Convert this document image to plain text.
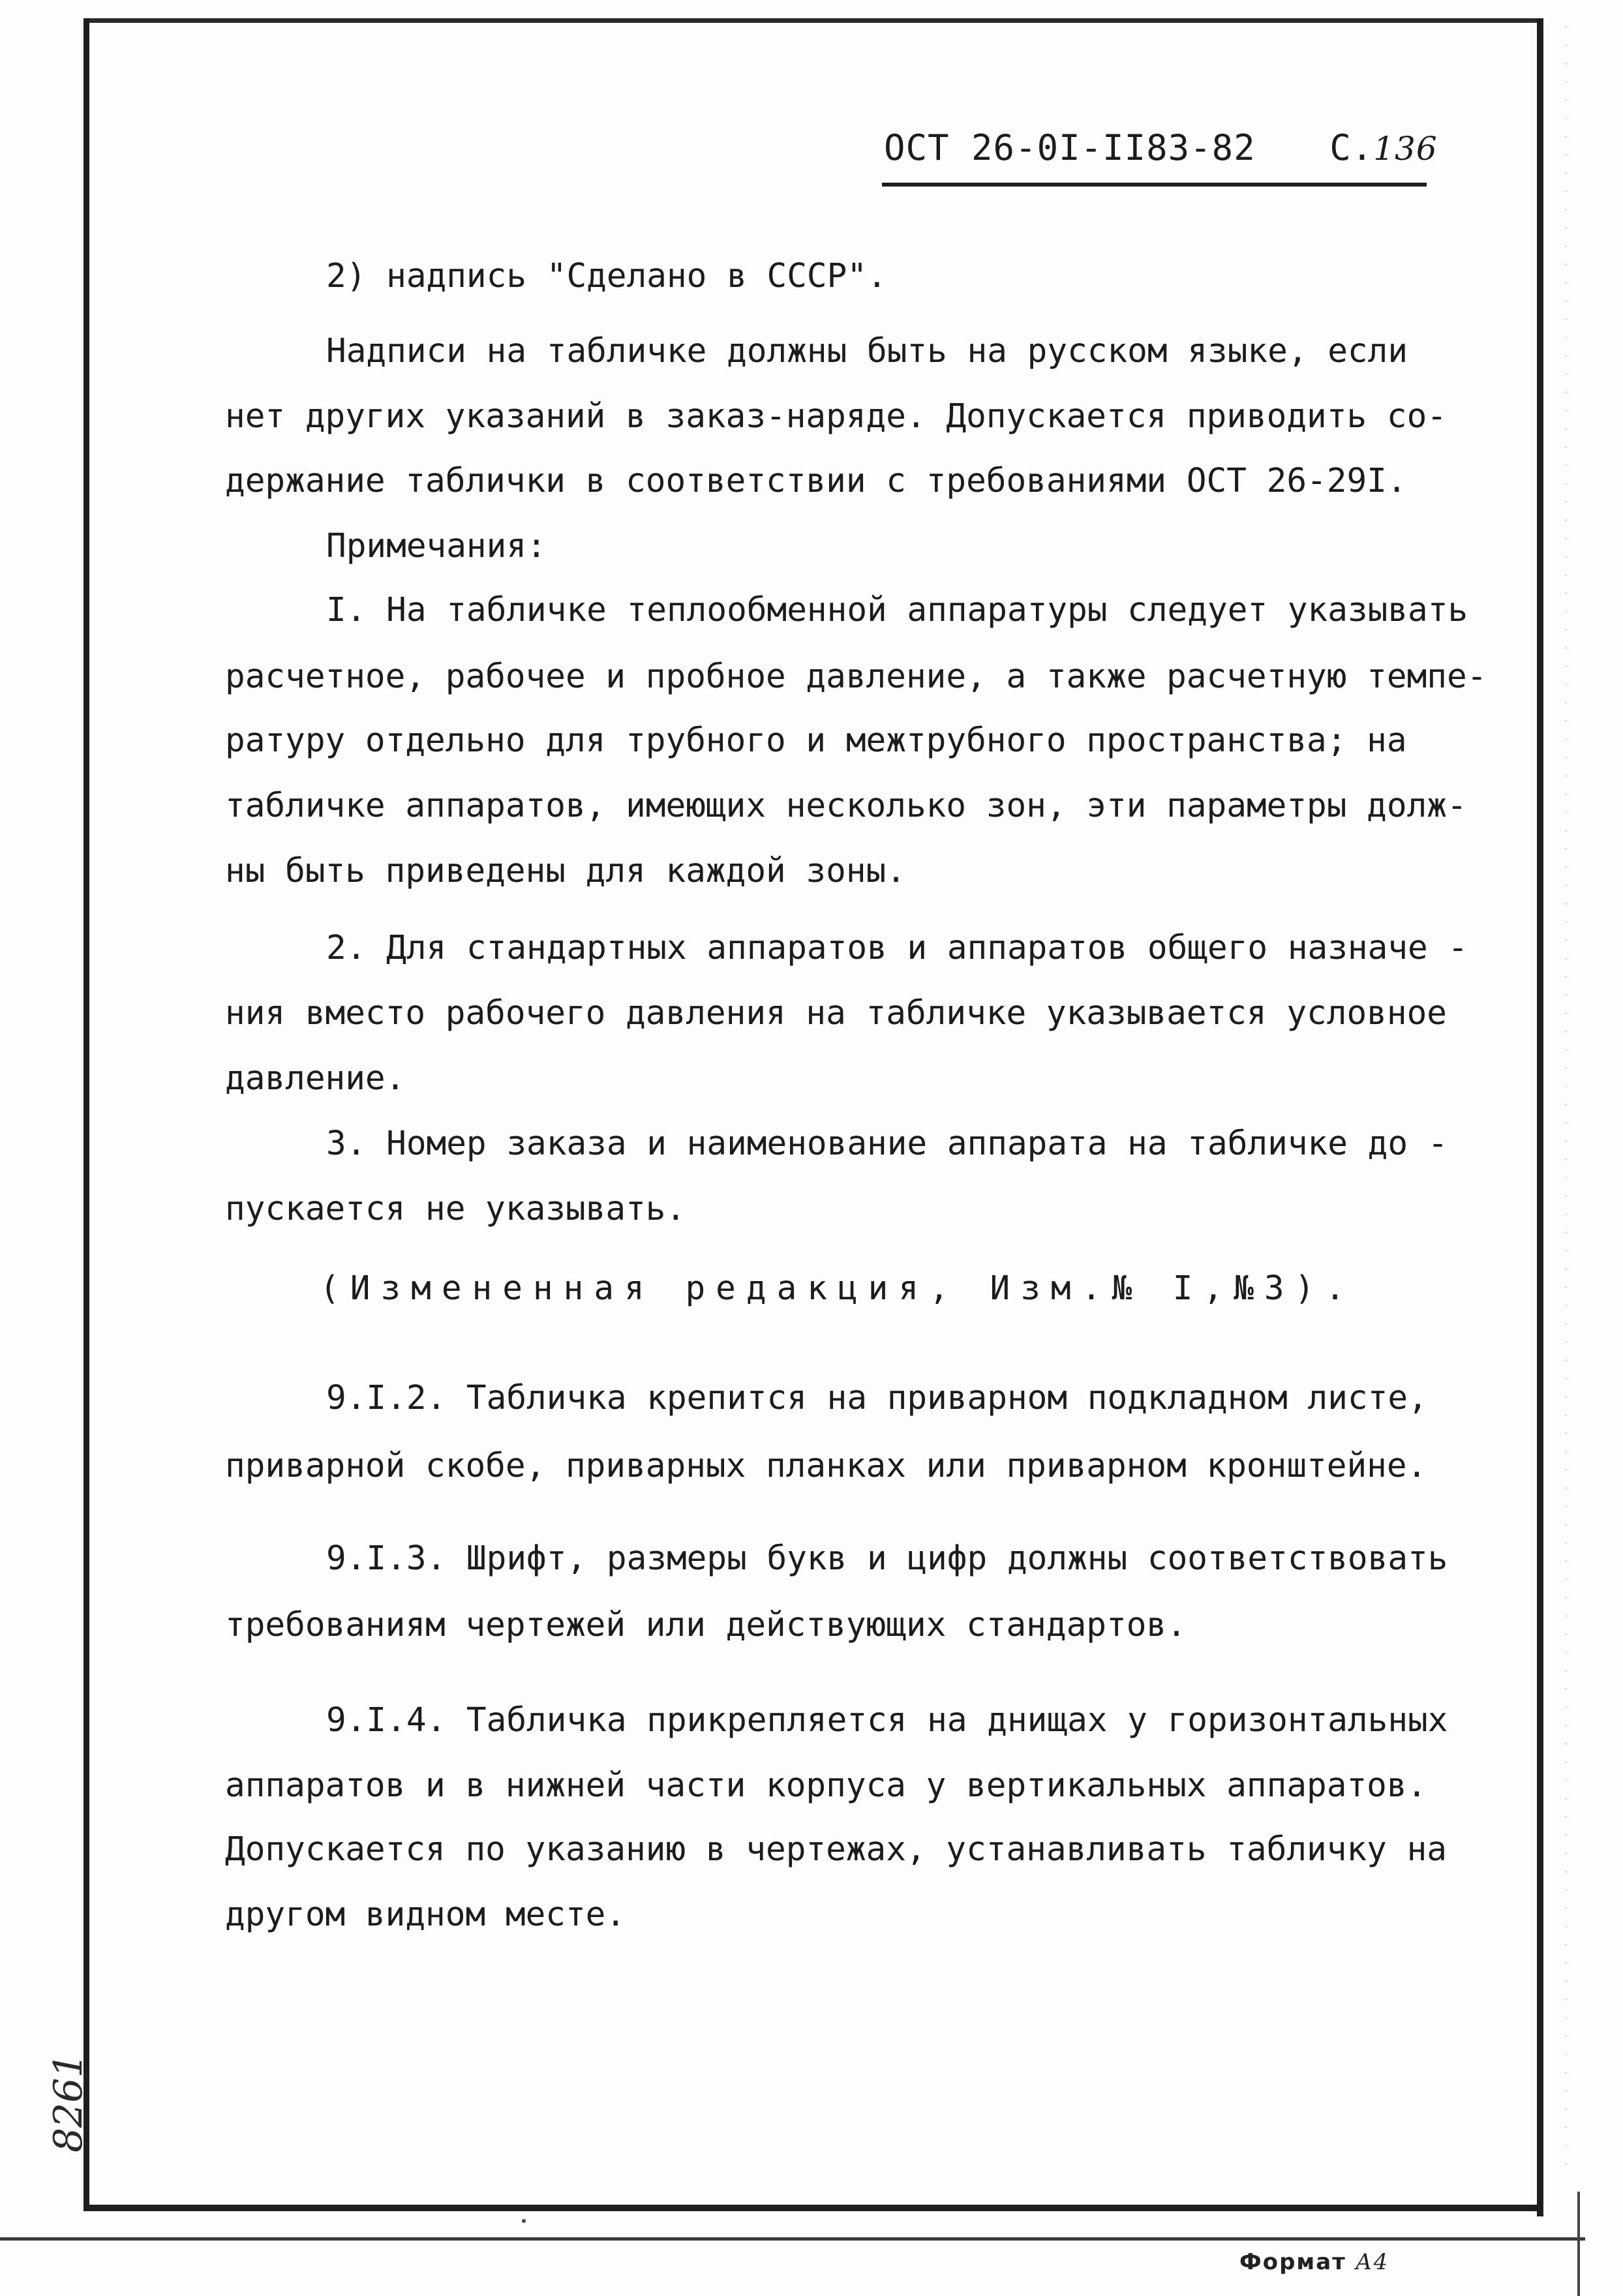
ОСТ 26-0I-II83-82 С.136
2) надпись "Сделано в СССР".
Надписи на табличке должны быть на русском языке, если
нет других указаний в заказ-наряде. Допускается приводить со-
держание таблички в соответствии с требованиями ОСТ 26-29I.
Примечания:
I. На табличке теплообменной аппаратуры следует указывать
расчетное, рабочее и пробное давление, а также расчетную темпе-
ратуру отдельно для трубного и межтрубного пространства; на
табличке аппаратов, имеющих несколько зон, эти параметры долж-
ны быть приведены для каждой зоны.
2. Для стандартных аппаратов и аппаратов общего назначе -
ния вместо рабочего давления на табличке указывается условное
давление.
3. Номер заказа и наименование аппарата на табличке до -
пускается не указывать.
(Измененная редакция, Изм.№ I,№3).
9.I.2. Табличка крепится на приварном подкладном листе,
приварной скобе, приварных планках или приварном кронштейне.
9.I.3. Шрифт, размеры букв и цифр должны соответствовать
требованиям чертежей или действующих стандартов.
9.I.4. Табличка прикрепляется на днищах у горизонтальных
аппаратов и в нижней части корпуса у вертикальных аппаратов.
Допускается по указанию в чертежах, устанавливать табличку на
другом видном месте.
8261
Формат А4
